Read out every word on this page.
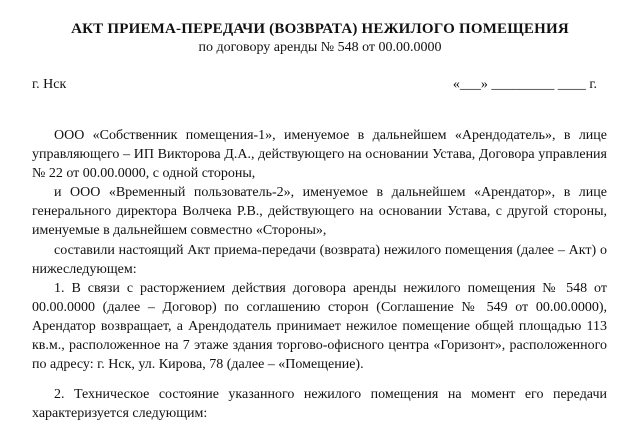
АКТ ПРИЕМА-ПЕРЕДАЧИ (ВОЗВРАТА) НЕЖИЛОГО ПОМЕЩЕНИЯ
по договору аренды № 548 от 00.00.0000
г. Нск	«___» _________ ____ г.

ООО «Собственник помещения-1», именуемое в дальнейшем «Арендодатель», в лице управляющего – ИП Викторова Д.А., действующего на основании Устава, Договора управления № 22 от 00.00.0000, с одной стороны,

и ООО «Временный пользователь-2», именуемое в дальнейшем «Арендатор», в лице генерального директора Волчека Р.В., действующего на основании Устава, с другой стороны, именуемые в дальнейшем совместно «Стороны»,

составили настоящий Акт приема-передачи (возврата) нежилого помещения (далее – Акт) о нижеследующем:

1. В связи с расторжением действия договора аренды нежилого помещения № 548 от 00.00.0000 (далее – Договор) по соглашению сторон (Соглашение № 549 от 00.00.0000), Арендатор возвращает, а Арендодатель принимает нежилое помещение общей площадью 113 кв.м., расположенное на 7 этаже здания торгово-офисного центра «Горизонт», расположенного по адресу: г. Нск, ул. Кирова, 78 (далее – «Помещение).

2. Техническое состояние указанного нежилого помещения на момент его передачи характеризуется следующим:
